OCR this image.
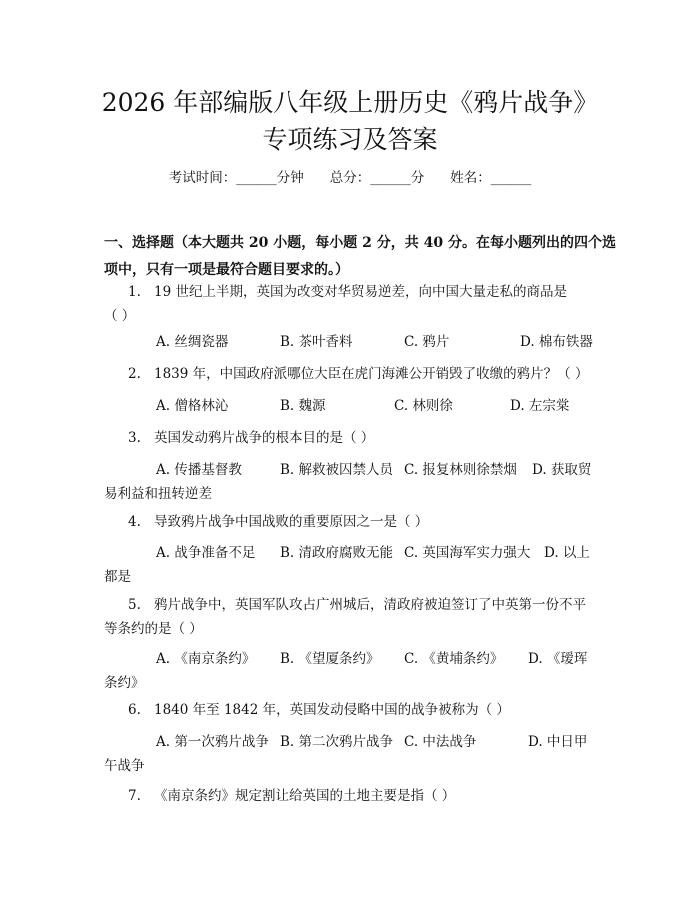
2026 年部编版八年级上册历史《鸦片战争》
专项练习及答案
考试时间：______分钟 总分：______分 姓名：______
一、选择题（本大题共 20 小题，每小题 2 分，共 40 分。在每小题列出的四个选
项中，只有一项是最符合题目要求的。）
1. 19 世纪上半期，英国为改变对华贸易逆差，向中国大量走私的商品是
（ ）
A. 丝绸瓷器	B. 茶叶香料	C. 鸦片	D. 棉布铁器
2. 1839 年，中国政府派哪位大臣在虎门海滩公开销毁了收缴的鸦片？（ ）
A. 僧格林沁	B. 魏源	C. 林则徐	D. 左宗棠
3. 英国发动鸦片战争的根本目的是（ ）
A. 传播基督教	B. 解救被囚禁人员 C. 报复林则徐禁烟	D. 获取贸
易利益和扭转逆差
4. 导致鸦片战争中国战败的重要原因之一是（ ）
A. 战争准备不足	B. 清政府腐败无能 C. 英国海军实力强大	D. 以上
都是
5. 鸦片战争中，英国军队攻占广州城后，清政府被迫签订了中英第一份不平
等条约的是（ ）
A. 《南京条约》	B. 《望厦条约》	C. 《黄埔条约》	D. 《瑷珲
条约》
6. 1840 年至 1842 年，英国发动侵略中国的战争被称为（ ）
A. 第一次鸦片战争 B. 第二次鸦片战争 C. 中法战争	D. 中日甲
午战争
7. 《南京条约》规定割让给英国的土地主要是指（ ）
